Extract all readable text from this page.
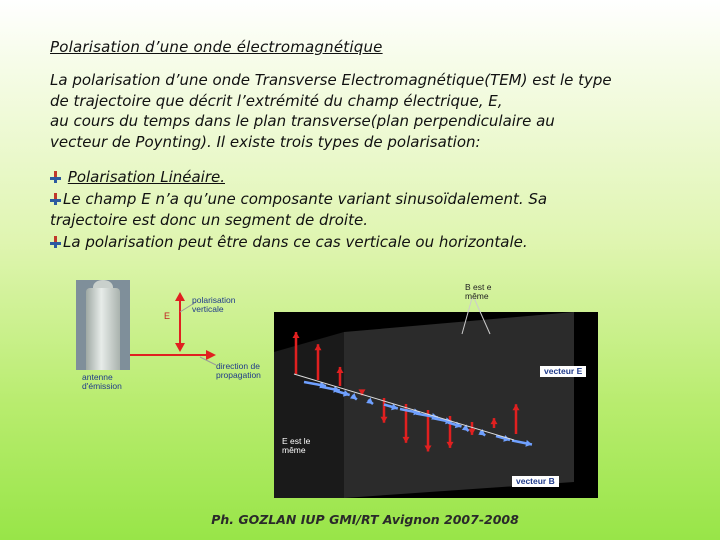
Polarisation d’une onde électromagnétique
La polarisation d’une onde Transverse Electromagnétique(TEM) est le type
de trajectoire que décrit l’extrémité du champ électrique, E,
au cours du temps dans le plan transverse(plan perpendiculaire au
vecteur de Poynting). Il existe trois types de polarisation:
Polarisation Linéaire.
Le champ E n’a qu’une composante variant sinusoïdalement. Sa
trajectoire est donc un segment de droite.
La polarisation peut être dans ce cas verticale ou horizontale.
polarisation
verticale
E
direction de
propagation
antenne
d'émission
B est e
même
vecteur E
E est le
même
vecteur B
Ph. GOZLAN IUP GMI/RT Avignon 2007-2008
